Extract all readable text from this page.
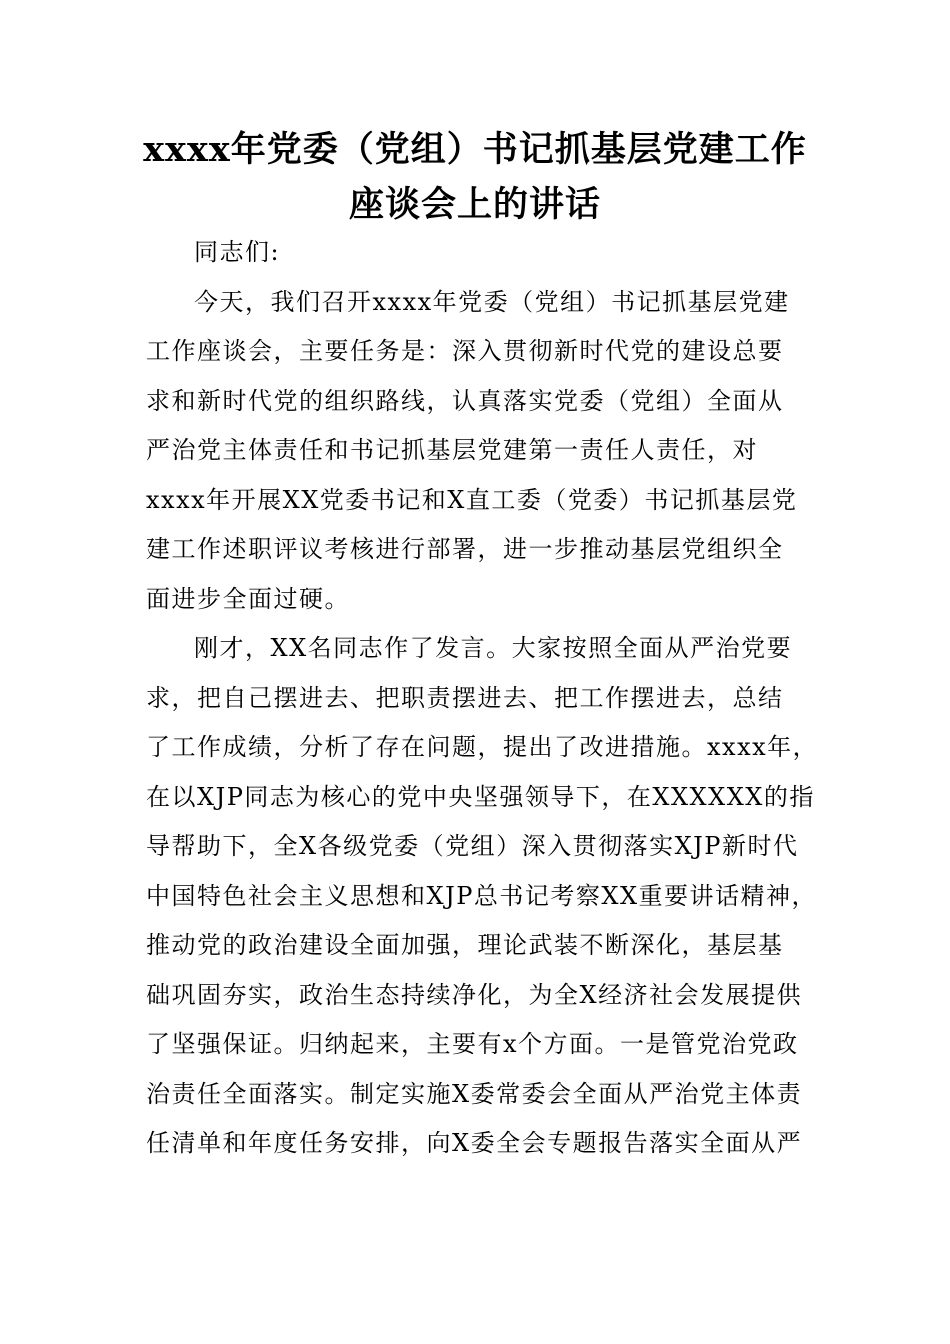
xxxx年党委（党组）书记抓基层党建工作
座谈会上的讲话
同志们:
今天，我们召开xxxx年党委（党组）书记抓基层党建
工作座谈会，主要任务是：深入贯彻新时代党的建设总要
求和新时代党的组织路线，认真落实党委（党组）全面从
严治党主体责任和书记抓基层党建第一责任人责任，对
xxxx年开展XX党委书记和X直工委（党委）书记抓基层党
建工作述职评议考核进行部署，进一步推动基层党组织全
面进步全面过硬。
刚才，XX名同志作了发言。大家按照全面从严治党要
求，把自己摆进去、把职责摆进去、把工作摆进去，总结
了工作成绩，分析了存在问题，提出了改进措施。xxxx年，
在以XJP同志为核心的党中央坚强领导下，在XXXXXX的指
导帮助下，全X各级党委（党组）深入贯彻落实XJP新时代
中国特色社会主义思想和XJP总书记考察XX重要讲话精神，
推动党的政治建设全面加强，理论武装不断深化，基层基
础巩固夯实，政治生态持续净化，为全X经济社会发展提供
了坚强保证。归纳起来，主要有x个方面。一是管党治党政
治责任全面落实。制定实施X委常委会全面从严治党主体责
任清单和年度任务安排，向X委全会专题报告落实全面从严
